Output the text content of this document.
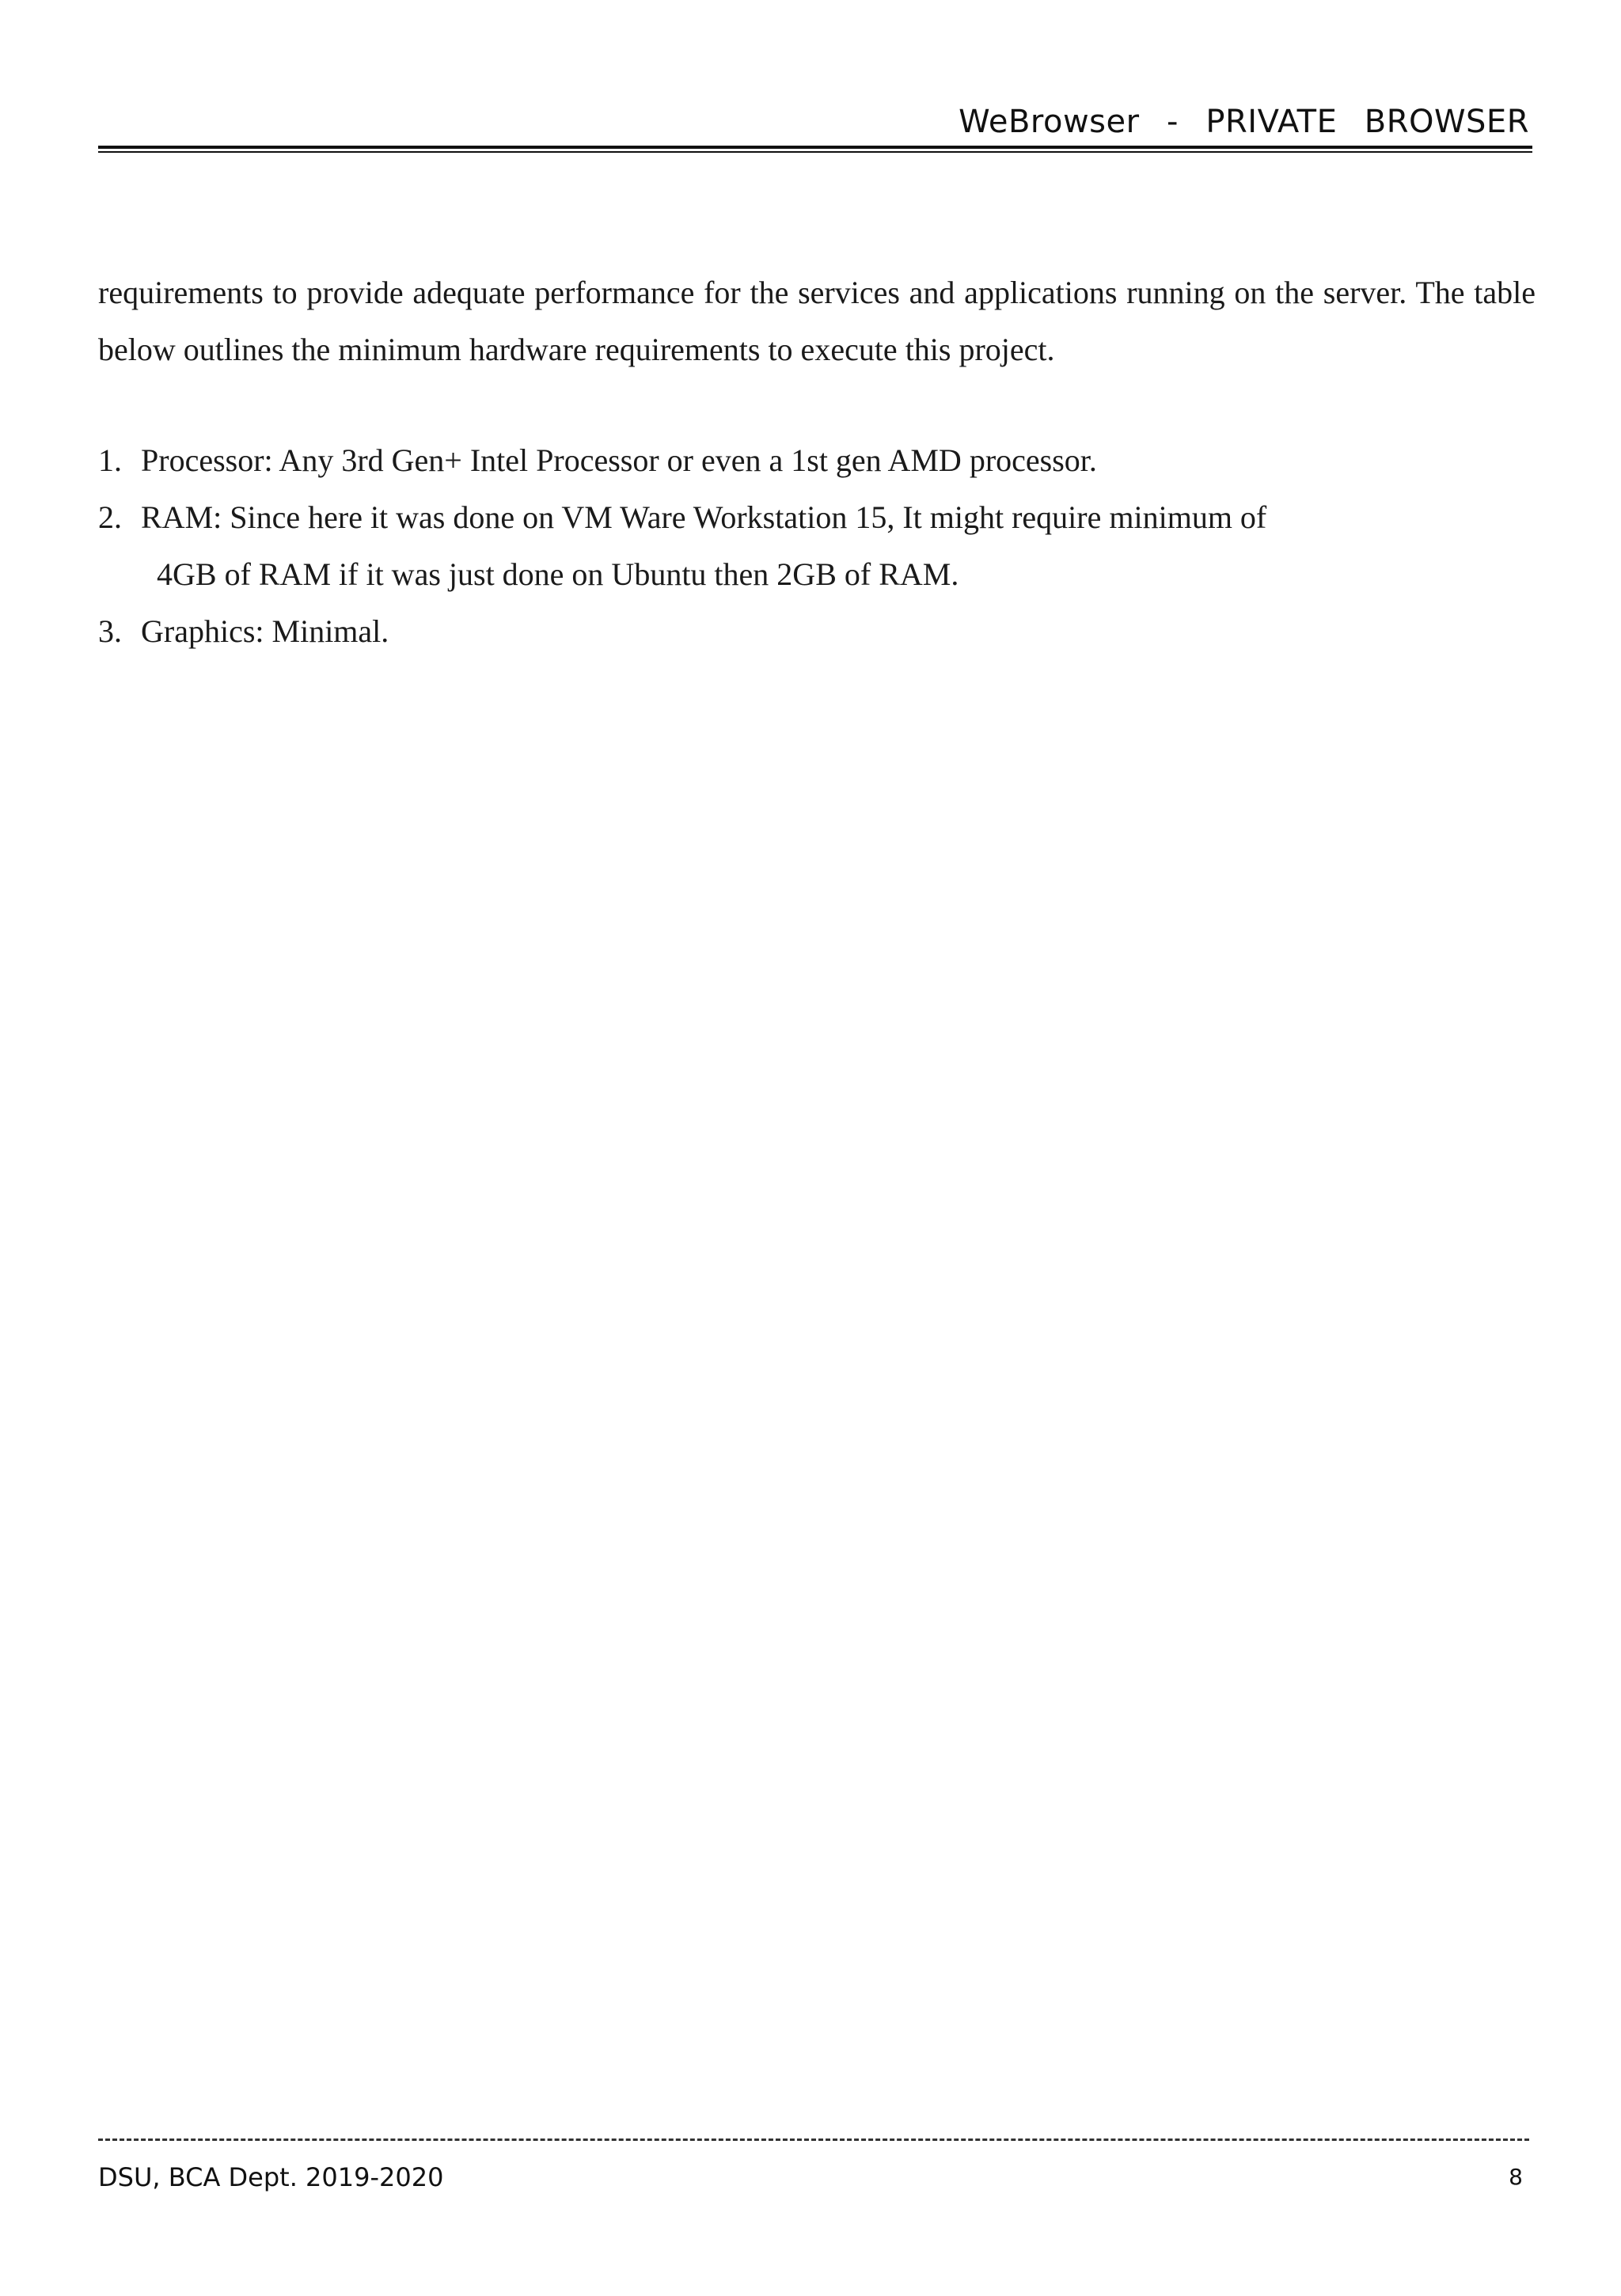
WeBrowser  -  PRIVATE  BROWSER

requirements to provide adequate performance for the services and applications running on the server. The table below outlines the minimum hardware requirements to execute this project.

1. Processor: Any 3rd Gen+ Intel Processor or even a 1st gen AMD processor.
2. RAM: Since here it was done on VM Ware Workstation 15, It might require minimum of
4GB of RAM if it was just done on Ubuntu then 2GB of RAM.
3. Graphics: Minimal.
DSU, BCA Dept. 2019-2020	8
